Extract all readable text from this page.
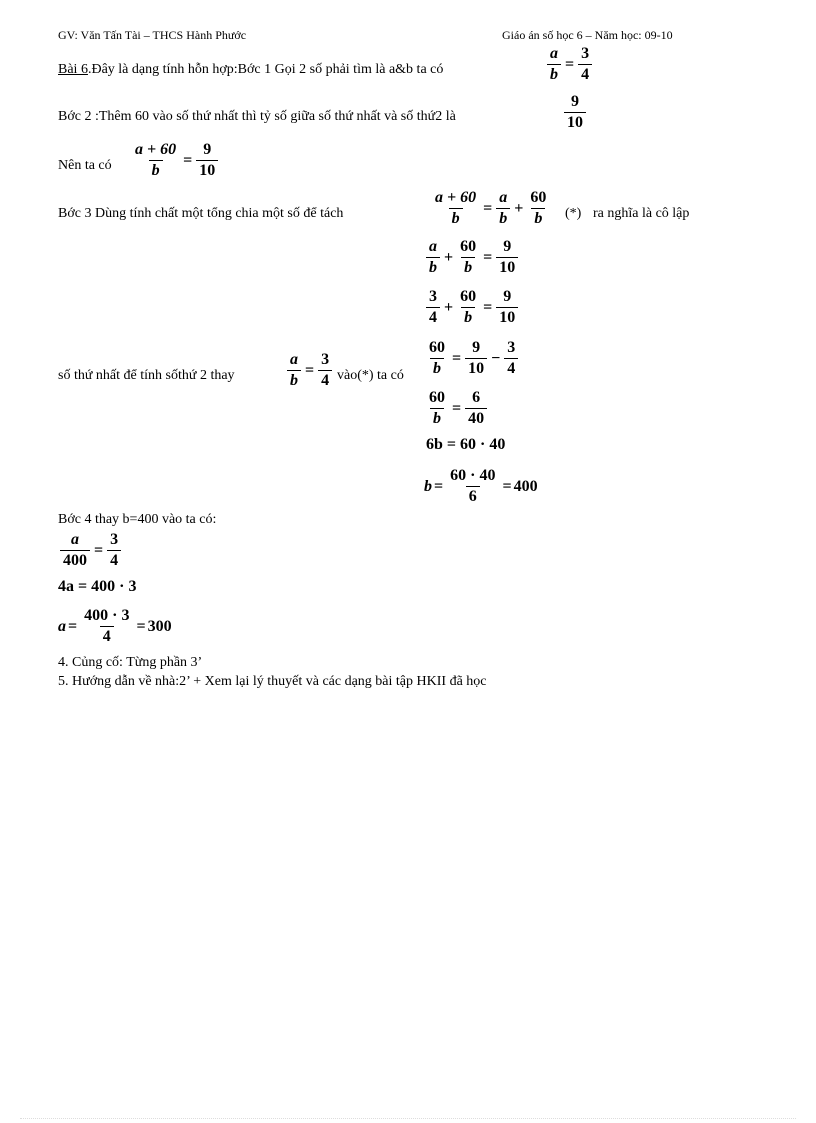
GV: Văn Tấn Tài – THCS Hành Phước	Giáo án số học 6 – Năm học: 09-10
Bài 6.Đây là dạng tính hỗn hợp:Bớc 1 Gọi 2 số phải tìm là a&b ta có	$\frac{a}{b} = \frac{3}{4}$
Bớc 2 :Thêm 60 vào số thứ nhất thì tỷ số giữa số thứ nhất và số thứ2 là	$\frac{9}{10}$
Nên ta có $\frac{a + 60}{b} = \frac{9}{10}$
Bớc 3 Dùng tính chất một tổng chia một số để tách	$\frac{a + 60}{b} = \frac{a}{b} + \frac{60}{b}$ (*) ra nghĩa là cô lập
$\frac{a}{b} + \frac{60}{b} = \frac{9}{10}$
$\frac{3}{4} + \frac{60}{b} = \frac{9}{10}$
số thứ nhất để tính sốthứ 2 thay	$\frac{a}{b} = \frac{3}{4}$ vào(*) ta có $\frac{60}{b} = \frac{9}{10} - \frac{3}{4}$
$\frac{60}{b} = \frac{6}{40}$
6b = 60 · 40
$b = \frac{60 \cdot 40}{6} = 400$
Bớc 4 thay b=400 vào ta có:
$\frac{a}{400} = \frac{3}{4}$
4a = 400 · 3
$a = \frac{400 \cdot 3}{4} = 300$
4. Củng cố: Từng phần 3’
5. Hướng dẫn về nhà:2’ + Xem lại lý thuyết và các dạng bài tập HKII đã học
